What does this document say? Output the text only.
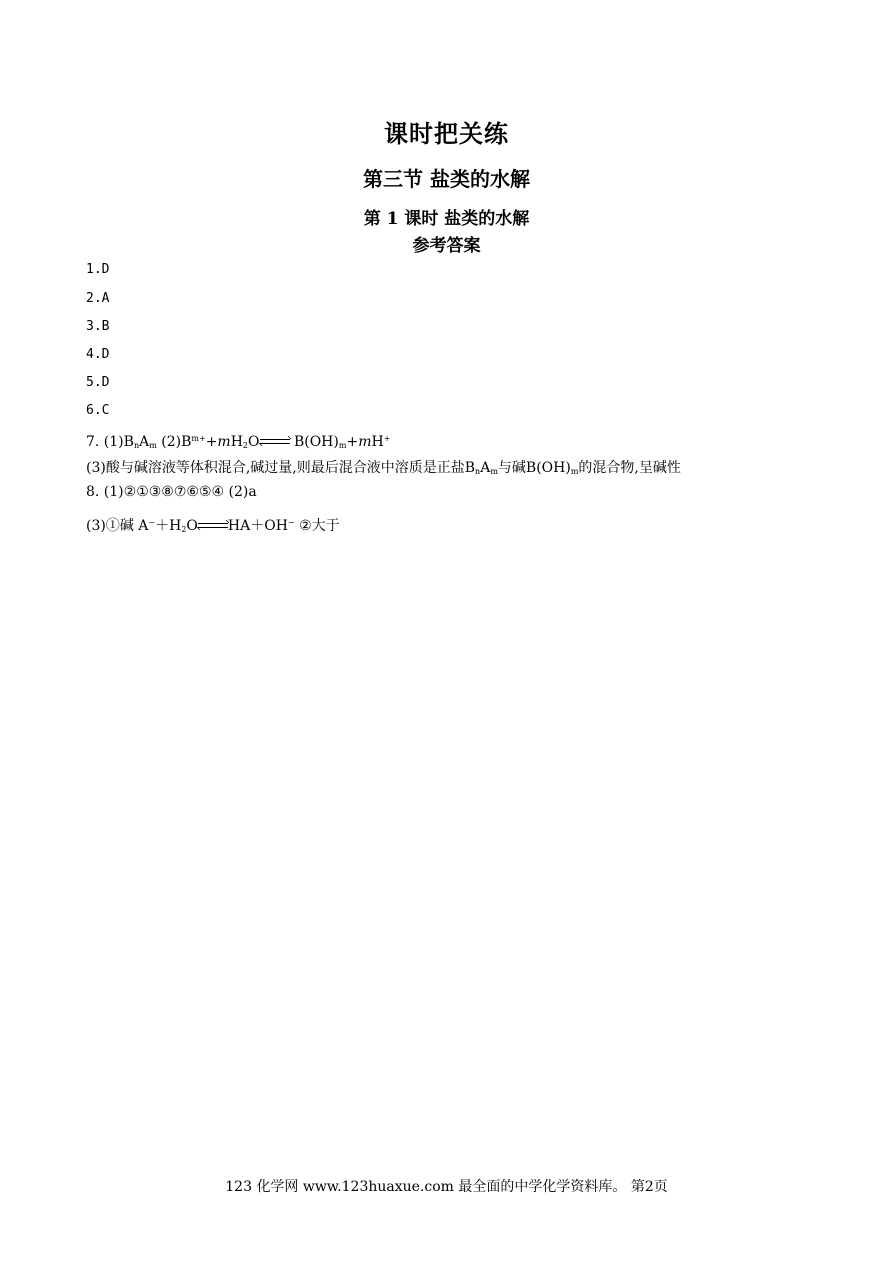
课时把关练
第三节 盐类的水解
第 1 课时 盐类的水解
参考答案
1.D
2.A
3.B
4.D
5.D
6.C
7. $(1)B_nA_m$ $(2)B^{m+}+mH_2O$
$B(OH)_m+mH^+$
(3)酸与碱溶液等体积混合,碱过量,则最后混合液中溶质是正盐$B_nA_m$与碱$B(OH)_m$的混合物,呈碱性
8. (1)②①③⑧⑦⑥⑤④ (2)a
(3)①碱 $A^-+H_2O$ HA＋OH− ②大于
123 化学网 www.123huaxue.com 最全面的中学化学资料库。 第2页
